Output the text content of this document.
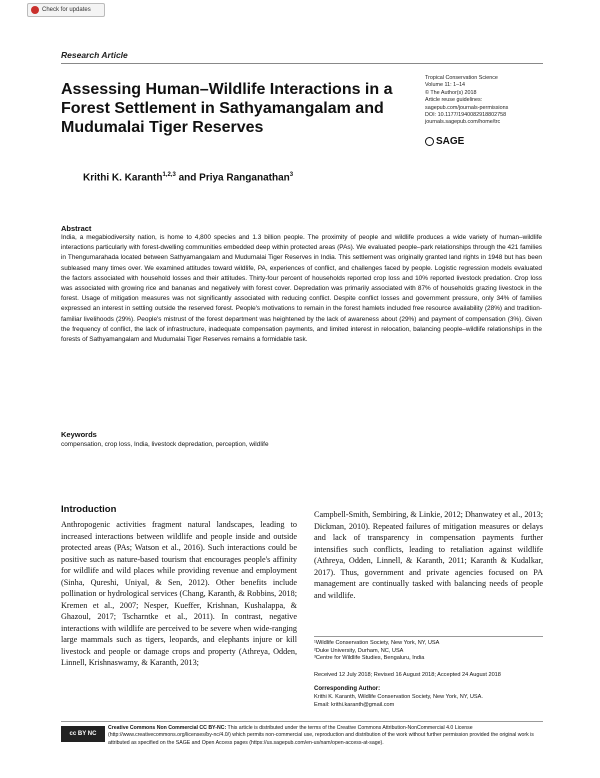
Check for updates
Research Article
Assessing Human–Wildlife Interactions in a Forest Settlement in Sathyamangalam and Mudumalai Tiger Reserves
Tropical Conservation Science
Volume 11: 1–14
© The Author(s) 2018
Article reuse guidelines:
sagepub.com/journals-permissions
DOI: 10.1177/1940082918802758
journals.sagepub.com/home/trc
SAGE
Krithi K. Karanth$^{1,2,3}$ and Priya Ranganathan$^3$
Abstract
India, a megabiodiversity nation, is home to 4,800 species and 1.3 billion people. The proximity of people and wildlife produces a wide variety of human–wildlife interactions particularly with forest-dwelling communities embedded deep within protected areas (PAs). We evaluated people–park relationships through the 421 families in Thengumarahada located between Sathyamangalam and Mudumalai Tiger Reserves in India. This settlement was originally granted land rights in 1948 but has been subleased many times over. We examined attitudes toward wildlife, PA, experiences of conflict, and challenges faced by people. Logistic regression models evaluated the factors associated with household losses and their attitudes. Thirty-four percent of households reported crop loss and 10% reported livestock predation. Crop loss was associated with growing rice and bananas and negatively with forest cover. Depredation was primarily associated with 87% of households grazing livestock in the forest. Usage of mitigation measures was not significantly associated with reducing conflict. Despite conflict losses and government pressure, only 34% of families expressed an interest in settling outside the reserved forest. People's motivations to remain in the forest hamlets included free resource availability (28%) and tradition-familiar livelihoods (29%). People's mistrust of the forest department was heightened by the lack of awareness about (29%) and payment of compensation (3%). Given the frequency of conflict, the lack of infrastructure, inadequate compensation payments, and limited interest in relocation, balancing people–wildlife relationships in the forests of Sathyamangalam and Mudumalai Tiger Reserves remains a formidable task.
Keywords
compensation, crop loss, India, livestock depredation, perception, wildlife
Introduction
Anthropogenic activities fragment natural landscapes, leading to increased interactions between wildlife and people inside and outside protected areas (PAs; Watson et al., 2016). Such interactions could be positive such as nature-based tourism that encourages people's affinity for wildlife and wild places while providing revenue and employment (Sinha, Qureshi, Uniyal, & Sen, 2012). Other benefits include pollination or hydrological services (Chang, Karanth, & Robbins, 2018; Kremen et al., 2007; Nesper, Kueffer, Krishnan, Kushalappa, & Ghazoul, 2017; Tscharntke et al., 2011). In contrast, negative interactions with wildlife are perceived to be severe when wide-ranging large mammals such as tigers, leopards, and elephants injure or kill livestock and people or damage crops and property (Athreya, Odden, Linnell, Krishnaswamy, & Karanth, 2013;
Campbell-Smith, Sembiring, & Linkie, 2012; Dhanwatey et al., 2013; Dickman, 2010). Repeated failures of mitigation measures or delays and lack of transparency in compensation payments further intensifies such conflicts, leading to retaliation against wildlife (Athreya, Odden, Linnell, & Karanth, 2011; Karanth & Kudalkar, 2017). Thus, government and private agencies focused on PA management are continually tasked with balancing needs of people and wildlife.
¹Wildlife Conservation Society, New York, NY, USA
²Duke University, Durham, NC, USA
³Centre for Wildlife Studies, Bengaluru, India
Received 12 July 2018; Revised 16 August 2018; Accepted 24 August 2018
Corresponding Author:
Krithi K. Karanth, Wildlife Conservation Society, New York, NY, USA.
Email: krithi.karanth@gmail.com
cc BY NC
Creative Commons Non Commercial CC BY-NC: This article is distributed under the terms of the Creative Commons Attribution-NonCommercial 4.0 License (http://www.creativecommons.org/licenses/by-nc/4.0/) which permits non-commercial use, reproduction and distribution of the work without further permission provided the original work is attributed as specified on the SAGE and Open Access pages (https://us.sagepub.com/en-us/nam/open-access-at-sage).
